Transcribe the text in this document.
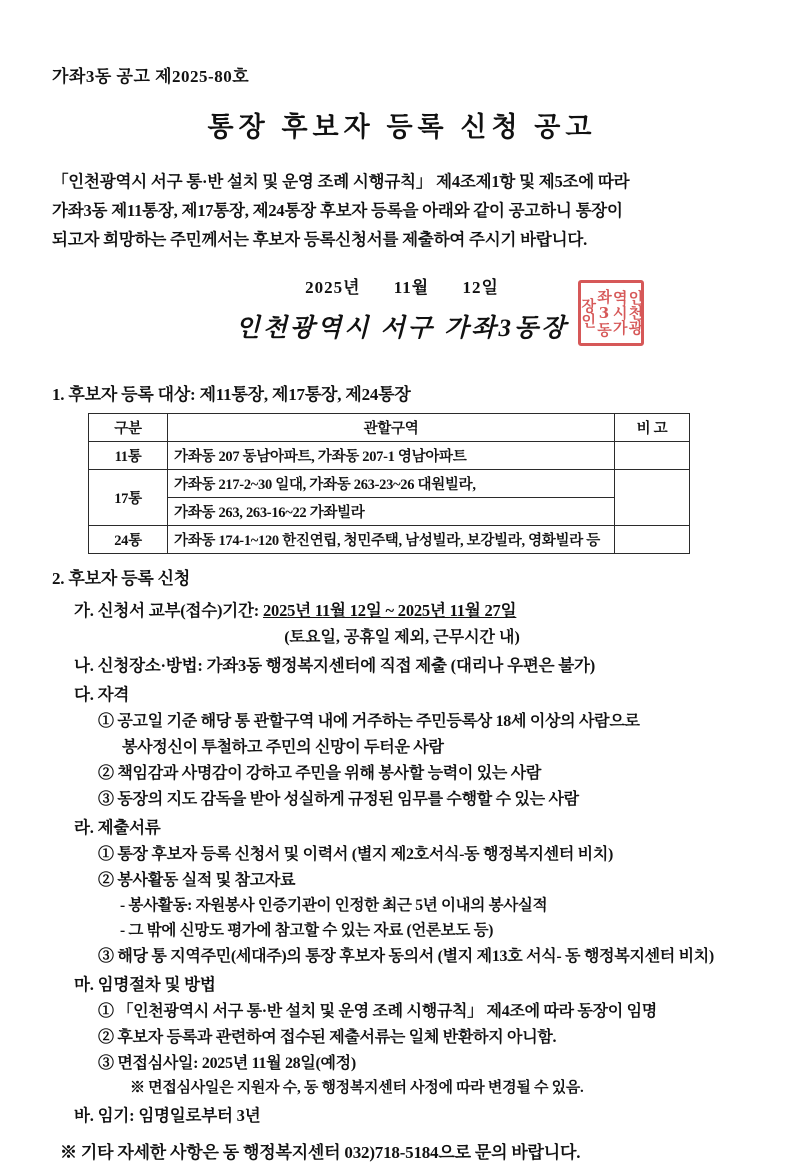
가좌3동 공고 제2025-80호
통장 후보자 등록 신청 공고
「인천광역시 서구 통·반 설치 및 운영 조례 시행규칙」 제4조제1항 및 제5조에 따라
가좌3동 제11통장, 제17통장, 제24통장 후보자 등록을 아래와 같이 공고하니 통장이
되고자 희망하는 주민께서는 후보자 등록신청서를 제출하여 주시기 바랍니다.
2025년 11월 12일
인천광역시 서구 가좌3동장	인천광역시가좌3동장인
1. 후보자 등록 대상: 제11통장, 제17통장, 제24통장
구분	관할구역	비 고
11통	가좌동 207 동남아파트, 가좌동 207-1 영남아파트	
17통	가좌동 217-2~30 일대, 가좌동 263-23~26 대원빌라,	
	가좌동 263, 263-16~22 가좌빌라	
24통	가좌동 174-1~120 한진연립, 청민주택, 남성빌라, 보강빌라, 영화빌라 등	
2. 후보자 등록 신청
가. 신청서 교부(접수)기간: 2025년 11월 12일 ~ 2025년 11월 27일
(토요일, 공휴일 제외, 근무시간 내)
나. 신청장소·방법: 가좌3동 행정복지센터에 직접 제출 (대리나 우편은 불가)
다. 자격
① 공고일 기준 해당 통 관할구역 내에 거주하는 주민등록상 18세 이상의 사람으로
봉사정신이 투철하고 주민의 신망이 두터운 사람
② 책임감과 사명감이 강하고 주민을 위해 봉사할 능력이 있는 사람
③ 동장의 지도 감독을 받아 성실하게 규정된 임무를 수행할 수 있는 사람
라. 제출서류
① 통장 후보자 등록 신청서 및 이력서 (별지 제2호서식-동 행정복지센터 비치)
② 봉사활동 실적 및 참고자료
- 봉사활동: 자원봉사 인증기관이 인정한 최근 5년 이내의 봉사실적
- 그 밖에 신망도 평가에 참고할 수 있는 자료 (언론보도 등)
③ 해당 통 지역주민(세대주)의 통장 후보자 동의서 (별지 제13호 서식- 동 행정복지센터 비치)
마. 임명절차 및 방법
① 「인천광역시 서구 통·반 설치 및 운영 조례 시행규칙」 제4조에 따라 동장이 임명
② 후보자 등록과 관련하여 접수된 제출서류는 일체 반환하지 아니함.
③ 면접심사일: 2025년 11월 28일(예정)
※ 면접심사일은 지원자 수, 동 행정복지센터 사정에 따라 변경될 수 있음.
바. 임기: 임명일로부터 3년
※ 기타 자세한 사항은 동 행정복지센터 032)718-5184으로 문의 바랍니다.
